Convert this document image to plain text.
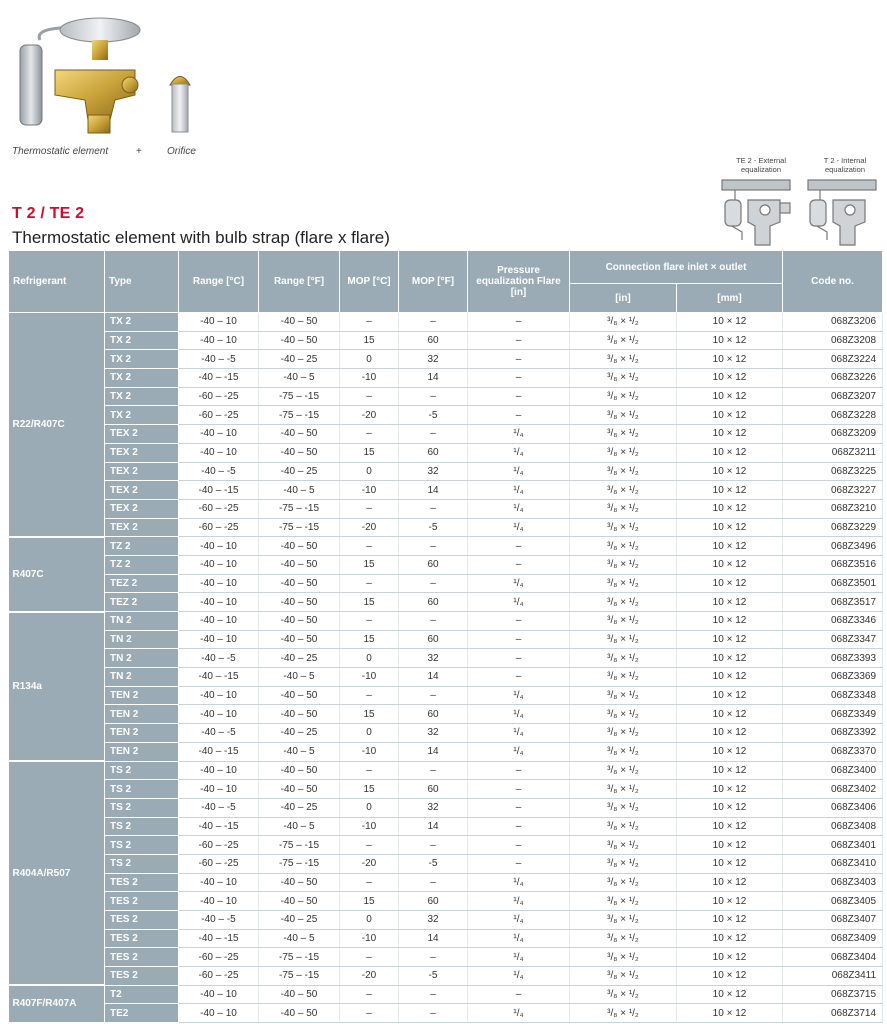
Thermostatic element	+	Orifice
TE 2 - External equalization
T 2 - Internal equalization
T 2 / TE 2
Thermostatic element with bulb strap (flare x flare)
Refrigerant	Type	Range [°C]	Range [°F]	MOP [°C]	MOP [°F]	Pressure equalization Flare [in]	Connection flare inlet × outlet		Code no.
							[in]	[mm]	
R22/R407C	TX 2	-40 – 10	-40 – 50	–	–	–	³/₈ × ¹/₂	10 × 12	068Z3206
	TX 2	-40 – 10	-40 – 50	15	60	–	³/₈ × ¹/₂	10 × 12	068Z3208
	TX 2	-40 – -5	-40 – 25	0	32	–	³/₈ × ¹/₂	10 × 12	068Z3224
	TX 2	-40 – -15	-40 – 5	-10	14	–	³/₈ × ¹/₂	10 × 12	068Z3226
	TX 2	-60 – -25	-75 – -15	–	–	–	³/₈ × ¹/₂	10 × 12	068Z3207
	TX 2	-60 – -25	-75 – -15	-20	-5	–	³/₈ × ¹/₂	10 × 12	068Z3228
	TEX 2	-40 – 10	-40 – 50	–	–	¹/₄	³/₈ × ¹/₂	10 × 12	068Z3209
	TEX 2	-40 – 10	-40 – 50	15	60	¹/₄	³/₈ × ¹/₂	10 × 12	068Z3211
	TEX 2	-40 – -5	-40 – 25	0	32	¹/₄	³/₈ × ¹/₂	10 × 12	068Z3225
	TEX 2	-40 – -15	-40 – 5	-10	14	¹/₄	³/₈ × ¹/₂	10 × 12	068Z3227
	TEX 2	-60 – -25	-75 – -15	–	–	¹/₄	³/₈ × ¹/₂	10 × 12	068Z3210
	TEX 2	-60 – -25	-75 – -15	-20	-5	¹/₄	³/₈ × ¹/₂	10 × 12	068Z3229
R407C	TZ 2	-40 – 10	-40 – 50	–	–	–	³/₈ × ¹/₂	10 × 12	068Z3496
	TZ 2	-40 – 10	-40 – 50	15	60	–	³/₈ × ¹/₂	10 × 12	068Z3516
	TEZ 2	-40 – 10	-40 – 50	–	–	¹/₄	³/₈ × ¹/₂	10 × 12	068Z3501
	TEZ 2	-40 – 10	-40 – 50	15	60	¹/₄	³/₈ × ¹/₂	10 × 12	068Z3517
R134a	TN 2	-40 – 10	-40 – 50	–	–	–	³/₈ × ¹/₂	10 × 12	068Z3346
	TN 2	-40 – 10	-40 – 50	15	60	–	³/₈ × ¹/₂	10 × 12	068Z3347
	TN 2	-40 – -5	-40 – 25	0	32	–	³/₈ × ¹/₂	10 × 12	068Z3393
	TN 2	-40 – -15	-40 – 5	-10	14	–	³/₈ × ¹/₂	10 × 12	068Z3369
	TEN 2	-40 – 10	-40 – 50	–	–	¹/₄	³/₈ × ¹/₂	10 × 12	068Z3348
	TEN 2	-40 – 10	-40 – 50	15	60	¹/₄	³/₈ × ¹/₂	10 × 12	068Z3349
	TEN 2	-40 – -5	-40 – 25	0	32	¹/₄	³/₈ × ¹/₂	10 × 12	068Z3392
	TEN 2	-40 – -15	-40 – 5	-10	14	¹/₄	³/₈ × ¹/₂	10 × 12	068Z3370
R404A/R507	TS 2	-40 – 10	-40 – 50	–	–	–	³/₈ × ¹/₂	10 × 12	068Z3400
	TS 2	-40 – 10	-40 – 50	15	60	–	³/₈ × ¹/₂	10 × 12	068Z3402
	TS 2	-40 – -5	-40 – 25	0	32	–	³/₈ × ¹/₂	10 × 12	068Z3406
	TS 2	-40 – -15	-40 – 5	-10	14	–	³/₈ × ¹/₂	10 × 12	068Z3408
	TS 2	-60 – -25	-75 – -15	–	–	–	³/₈ × ¹/₂	10 × 12	068Z3401
	TS 2	-60 – -25	-75 – -15	-20	-5	–	³/₈ × ¹/₂	10 × 12	068Z3410
	TES 2	-40 – 10	-40 – 50	–	–	¹/₄	³/₈ × ¹/₂	10 × 12	068Z3403
	TES 2	-40 – 10	-40 – 50	15	60	¹/₄	³/₈ × ¹/₂	10 × 12	068Z3405
	TES 2	-40 – -5	-40 – 25	0	32	¹/₄	³/₈ × ¹/₂	10 × 12	068Z3407
	TES 2	-40 – -15	-40 – 5	-10	14	¹/₄	³/₈ × ¹/₂	10 × 12	068Z3409
	TES 2	-60 – -25	-75 – -15	–	–	¹/₄	³/₈ × ¹/₂	10 × 12	068Z3404
	TES 2	-60 – -25	-75 – -15	-20	-5	¹/₄	³/₈ × ¹/₂	10 × 12	068Z3411
R407F/R407A	T2	-40 – 10	-40 – 50	–	–	–	³/₈ × ¹/₂	10 × 12	068Z3715
	TE2	-40 – 10	-40 – 50	–	–	¹/₄	³/₈ × ¹/₂	10 × 12	068Z3714
